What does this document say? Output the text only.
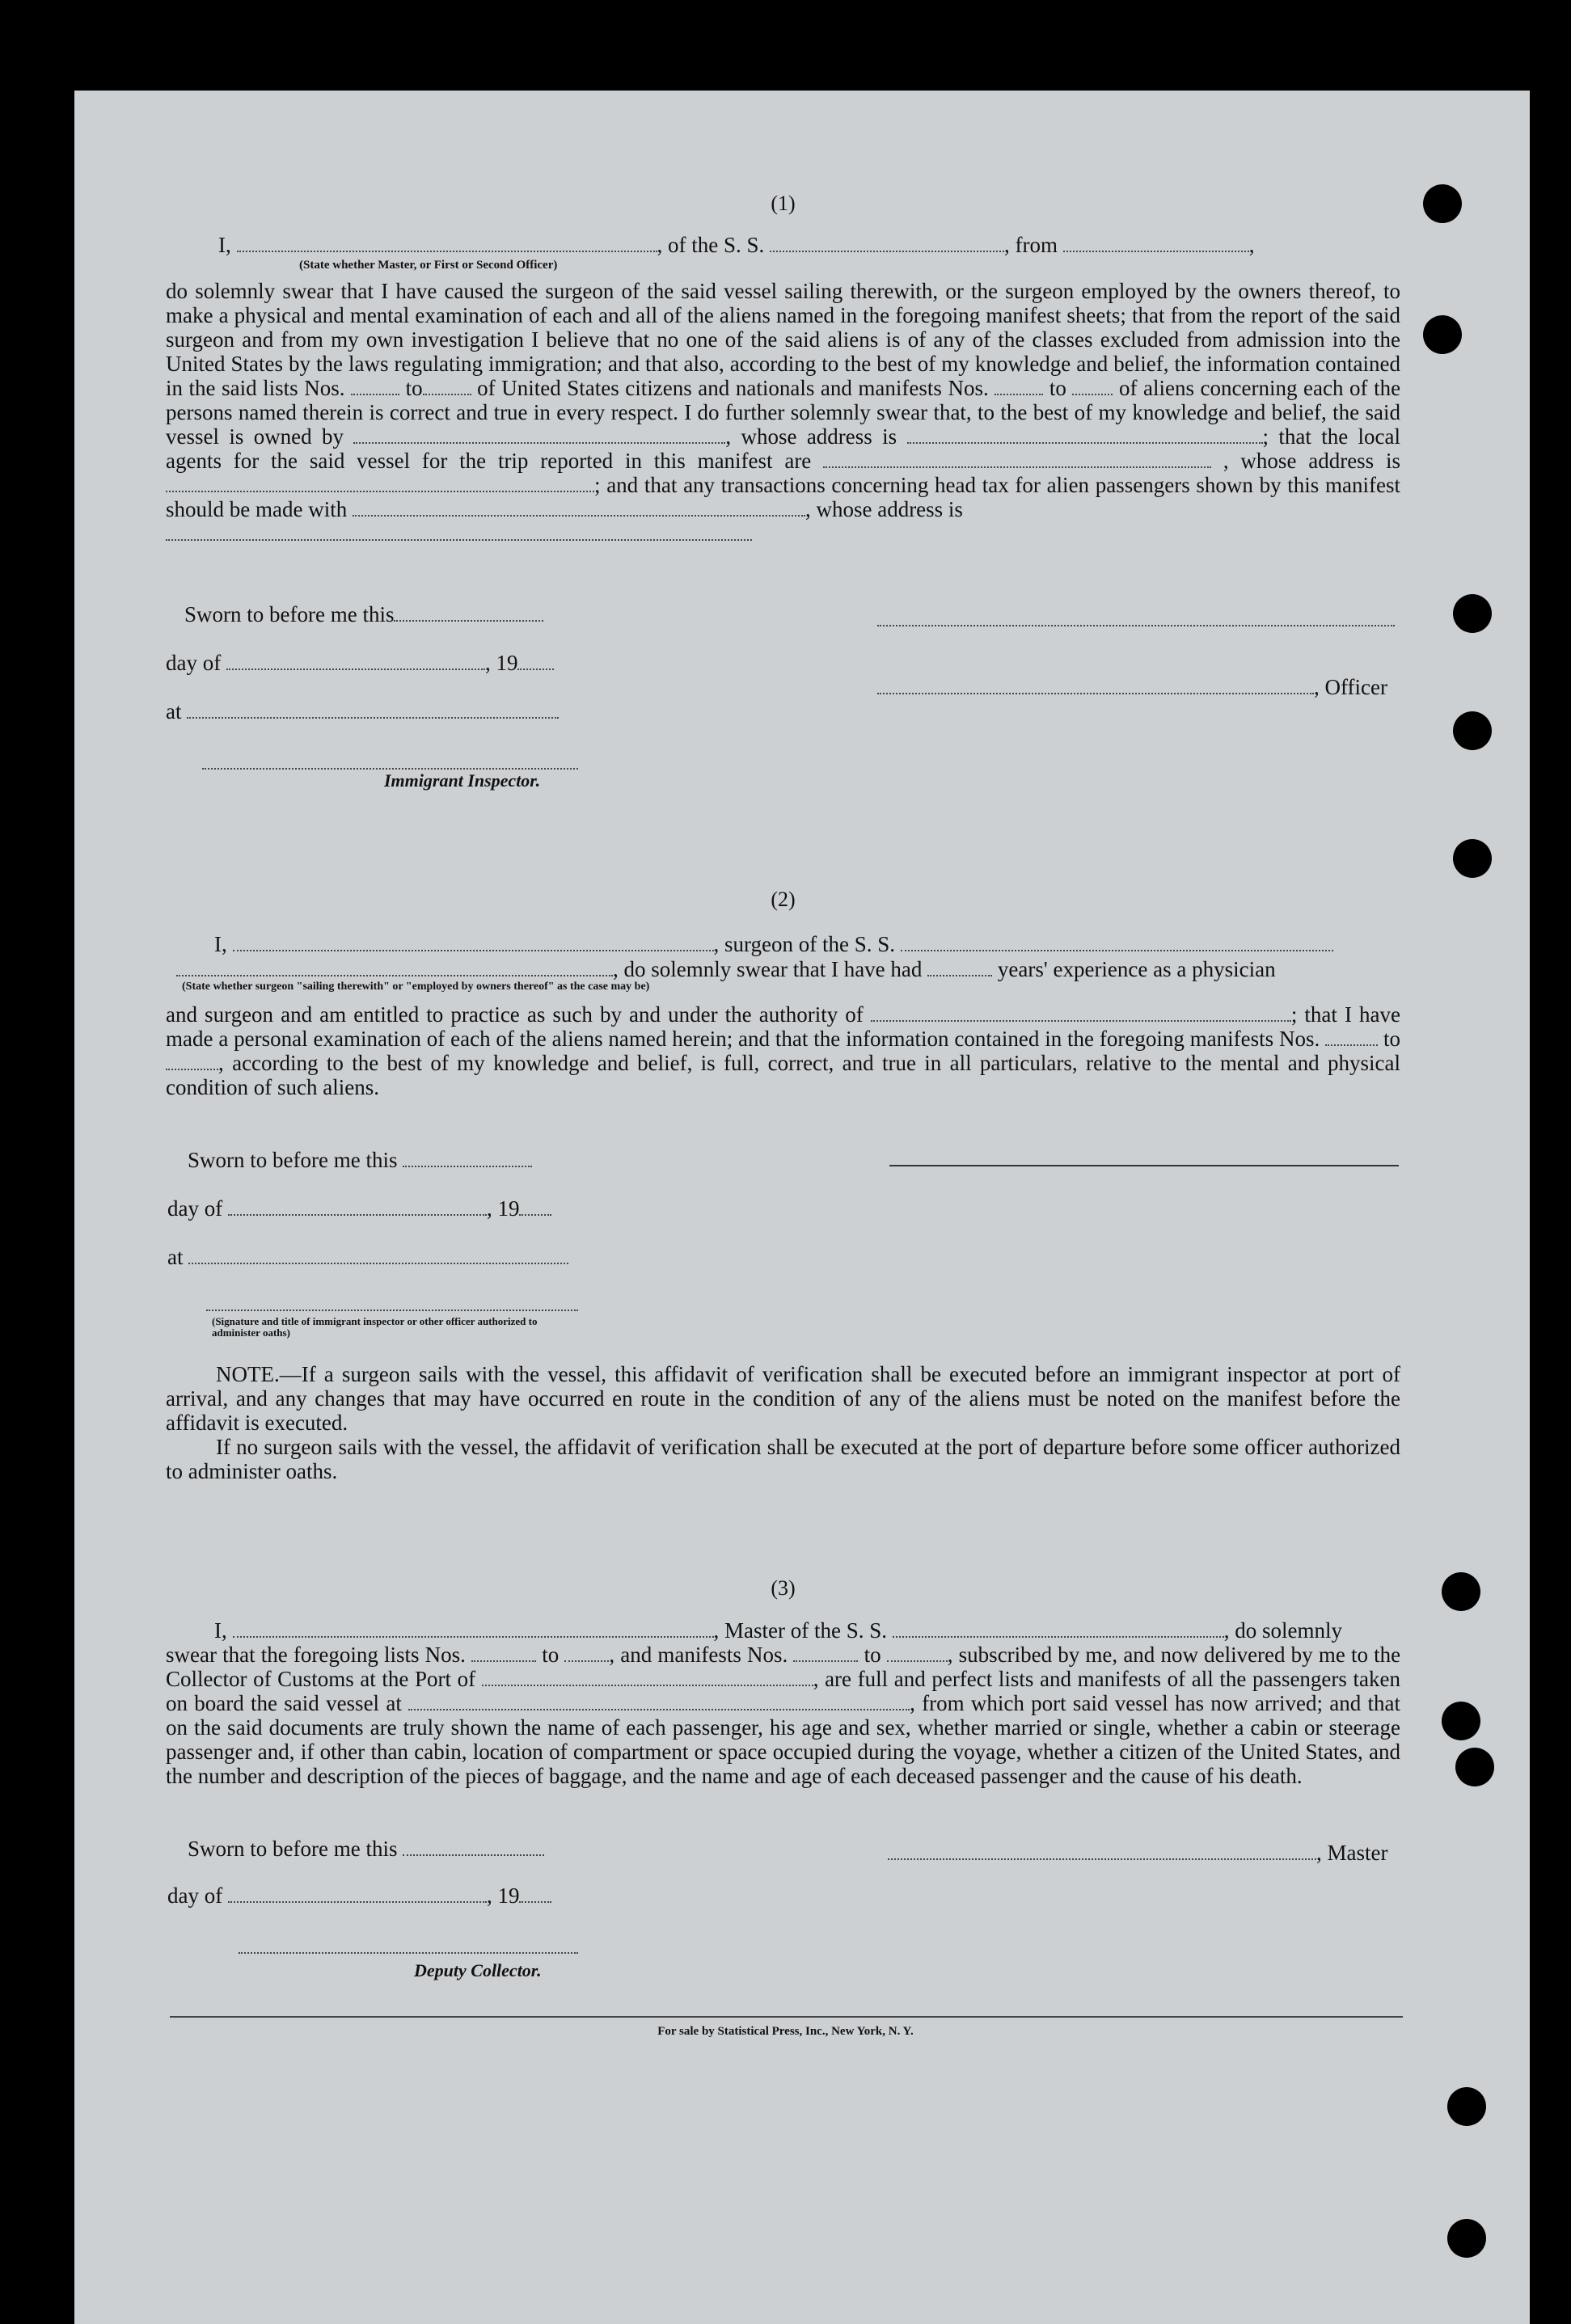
(1)
I,	, of the S. S.	, from	,
(State whether Master, or First or Second Officer)

do solemnly swear that I have caused the surgeon of the said vessel sailing therewith, or the surgeon employed by the owners thereof, to make a physical and mental examination of each and all of the aliens named in the foregoing manifest sheets; that from the report of the said surgeon and from my own investigation I believe that no one of the said aliens is of any of the classes excluded from admission into the United States by the laws regulating immigration; and that also, according to the best of my knowledge and belief, the information contained in the said lists Nos.	to	of United States citizens and nationals and manifests Nos.	to of aliens concerning each of the persons named therein is correct and true in every respect. I do further solemnly swear that, to the best of my knowledge and belief, the said vessel is owned by	, whose address is	; that the local agents for the said vessel for the trip reported in this manifest are	, whose address is ; and that any transactions concerning head tax for alien passengers shown by this manifest should be made with	, whose address is

Sworn to before me this
day of	, 19
, Officer
at
Immigrant Inspector.
(2)
I,	, surgeon of the S. S.
, do solemnly swear that I have had	years' experience as a physician
(State whether surgeon "sailing therewith" or "employed by owners thereof" as the case may be)

and surgeon and am entitled to practice as such by and under the authority of	; that I have made a personal examination of each of the aliens named herein; and that the information contained in the foregoing manifests Nos.	to , according to the best of my knowledge and belief, is full, correct, and true in all particulars, relative to the mental and physical condition of such aliens.

Sworn to before me this
day of	, 19
at
(Signature and title of immigrant inspector or other officer authorized to administer oaths)

NOTE.—If a surgeon sails with the vessel, this affidavit of verification shall be executed before an immigrant inspector at port of arrival, and any changes that may have occurred en route in the condition of any of the aliens must be noted on the manifest before the affidavit is executed.

If no surgeon sails with the vessel, the affidavit of verification shall be executed at the port of departure before some officer authorized to administer oaths.

(3)
I,	, Master of the S. S.	, do solemnly

swear that the foregoing lists Nos.	to , and manifests Nos.	to	, subscribed by me, and now delivered by me to the Collector of Customs at the Port of	, are full and perfect lists and manifests of all the passengers taken on board the said vessel at	, from which port said vessel has now arrived; and that on the said documents are truly shown the name of each passenger, his age and sex, whether married or single, whether a cabin or steerage passenger and, if other than cabin, location of compartment or space occupied during the voyage, whether a citizen of the United States, and the number and description of the pieces of baggage, and the name and age of each deceased passenger and the cause of his death.

Sworn to before me this	, Master
day of	, 19
Deputy Collector.
For sale by Statistical Press, Inc., New York, N. Y.
